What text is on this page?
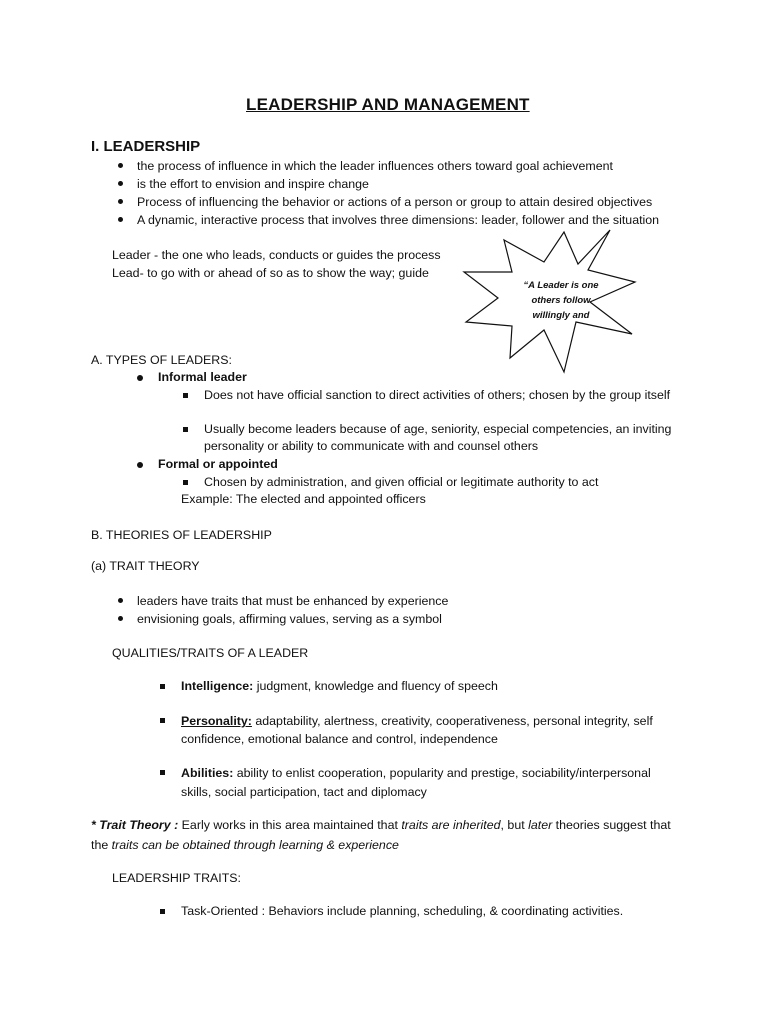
LEADERSHIP AND MANAGEMENT
I. LEADERSHIP
the process of influence in which the leader influences others toward goal achievement
is the effort to envision and inspire change
Process of influencing the behavior or actions of a person or group to attain desired objectives
A dynamic, interactive process that involves three dimensions: leader, follower and the situation
Leader - the one who leads, conducts or guides the process
Lead- to go with or ahead of so as to show the way; guide
“A Leader is one others follow willingly and
A. TYPES OF LEADERS:
Informal leader
Does not have official sanction to direct activities of others; chosen by the group itself
Usually become leaders because of age, seniority, especial competencies, an inviting personality or ability to communicate with and counsel others
Formal or appointed
Chosen by administration, and given official or legitimate authority to act
Example: The elected and appointed officers
B. THEORIES OF LEADERSHIP
(a) TRAIT THEORY
leaders have traits that must be enhanced by experience
envisioning goals, affirming values, serving as a symbol
QUALITIES/TRAITS OF A LEADER
Intelligence: judgment, knowledge and fluency of speech
Personality: adaptability, alertness, creativity, cooperativeness, personal integrity, self confidence, emotional balance and control, independence
Abilities: ability to enlist cooperation, popularity and prestige, sociability/interpersonal skills, social participation, tact and diplomacy
* Trait Theory : Early works in this area maintained that traits are inherited, but later theories suggest that the traits can be obtained through learning & experience
LEADERSHIP TRAITS:
Task-Oriented : Behaviors include planning, scheduling, & coordinating activities.
